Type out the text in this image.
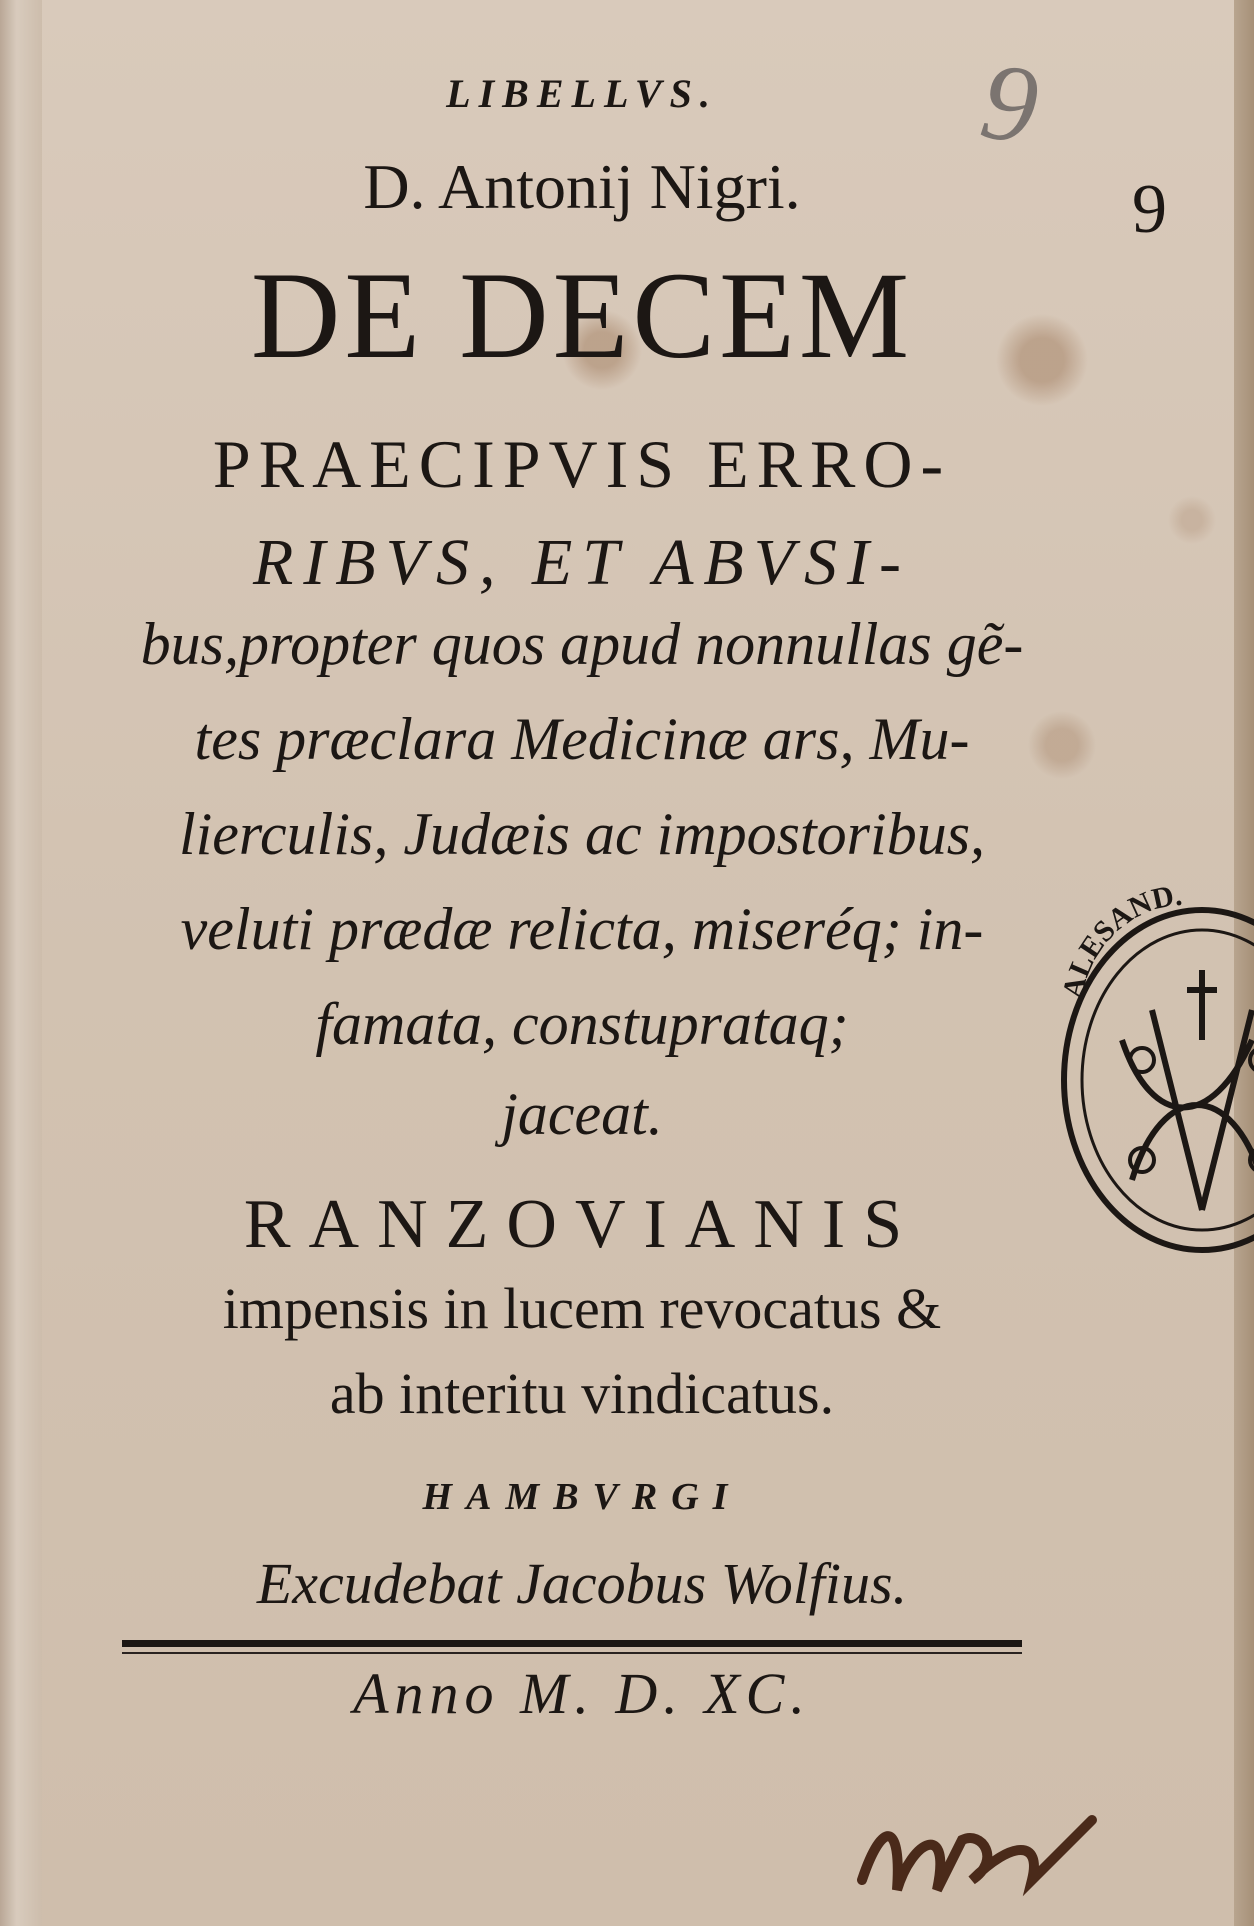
LIBELLVS.
D. Antonij Nigri.
DE DECEM
PRAECIPVIS ERRO-
RIBVS, ET ABVSI-
bus,propter quos apud nonnullas gẽ-
tes præclara Medicinæ ars, Mu-
lierculis, Judæis ac impostoribus,
veluti prædæ relicta, miseréq; in-
famata, constuprataq;
jaceat.
RANZOVIANIS
impensis in lucem revocatus &
ab interitu vindicatus.
HAMBVRGI
Excudebat Jacobus Wolfius.
Anno M. D. XC.
9
9
ALESAND.
